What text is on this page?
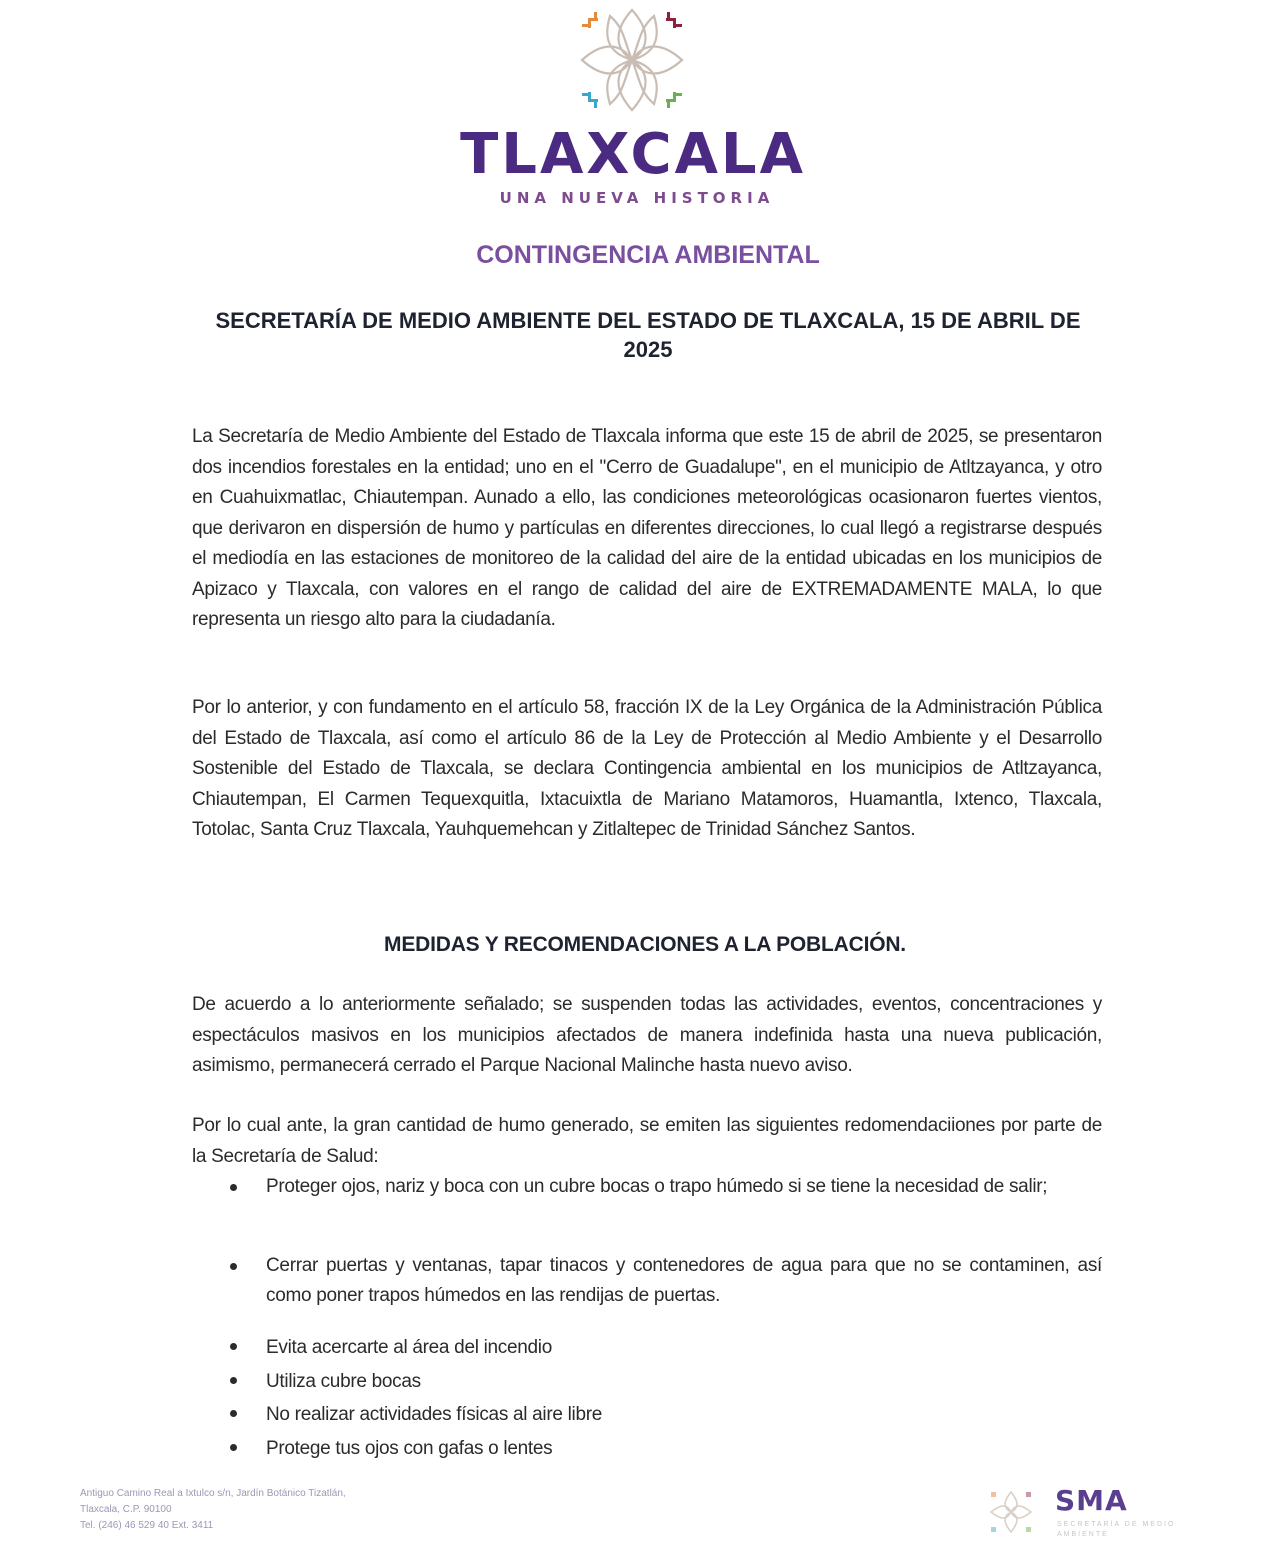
TLAXCALA
UNA NUEVA HISTORIA
CONTINGENCIA AMBIENTAL
SECRETARÍA DE MEDIO AMBIENTE DEL ESTADO DE TLAXCALA, 15 DE ABRIL DE 2025

La Secretaría de Medio Ambiente del Estado de Tlaxcala informa que este 15 de abril de 2025, se presentaron dos incendios forestales en la entidad; uno en el "Cerro de Guadalupe", en el municipio de Atltzayanca, y otro en Cuahuixmatlac, Chiautempan. Aunado a ello, las condiciones meteorológicas ocasionaron fuertes vientos, que derivaron en dispersión de humo y partículas en diferentes direcciones, lo cual llegó a registrarse después el mediodía en las estaciones de monitoreo de la calidad del aire de la entidad ubicadas en los municipios de Apizaco y Tlaxcala, con valores en el rango de calidad del aire de EXTREMADAMENTE MALA, lo que representa un riesgo alto para la ciudadanía.

Por lo anterior, y con fundamento en el artículo 58, fracción IX de la Ley Orgánica de la Administración Pública del Estado de Tlaxcala, así como el artículo 86 de la Ley de Protección al Medio Ambiente y el Desarrollo Sostenible del Estado de Tlaxcala, se declara Contingencia ambiental en los municipios de Atltzayanca, Chiautempan, El Carmen Tequexquitla, Ixtacuixtla de Mariano Matamoros, Huamantla, Ixtenco, Tlaxcala, Totolac, Santa Cruz Tlaxcala, Yauhquemehcan y Zitlaltepec de Trinidad Sánchez Santos.

MEDIDAS Y RECOMENDACIONES A LA POBLACIÓN.

De acuerdo a lo anteriormente señalado; se suspenden todas las actividades, eventos, concentraciones y espectáculos masivos en los municipios afectados de manera indefinida hasta una nueva publicación, asimismo, permanecerá cerrado el Parque Nacional Malinche hasta nuevo aviso.

Por lo cual ante, la gran cantidad de humo generado, se emiten las siguientes redomendaciiones por parte de la Secretaría de Salud:

Proteger ojos, nariz y boca con un cubre bocas o trapo húmedo si se tiene la necesidad de salir;
Cerrar puertas y ventanas, tapar tinacos y contenedores de agua para que no se contaminen, así como poner trapos húmedos en las rendijas de puertas.
Evita acercarte al área del incendio
Utiliza cubre bocas
No realizar actividades físicas al aire libre
Protege tus ojos con gafas o lentes
Antiguo Camino Real a Ixtulco s/n, Jardín Botánico Tizatlán,
Tlaxcala, C.P. 90100
Tel. (246) 46 529 40 Ext. 3411
SMA
SECRETARÍA DE MEDIO AMBIENTE
